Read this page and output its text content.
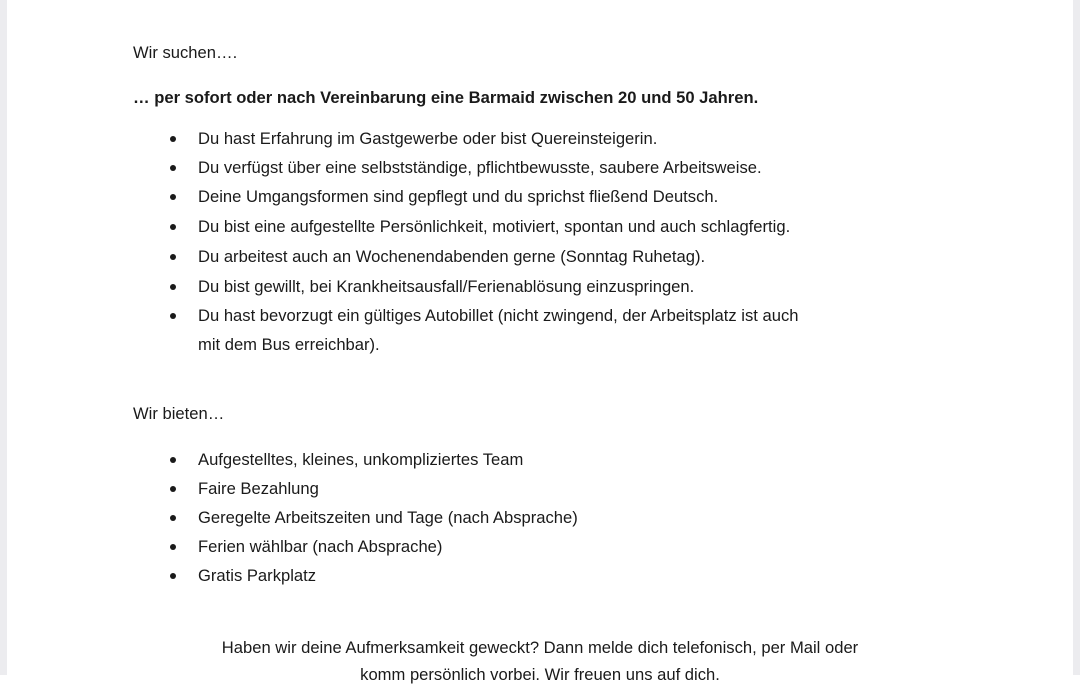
Wir suchen….
… per sofort oder nach Vereinbarung eine Barmaid zwischen 20 und 50 Jahren.
Du hast Erfahrung im Gastgewerbe oder bist Quereinsteigerin.
Du verfügst über eine selbstständige, pflichtbewusste, saubere Arbeitsweise.
Deine Umgangsformen sind gepflegt und du sprichst fließend Deutsch.
Du bist eine aufgestellte Persönlichkeit, motiviert, spontan und auch schlagfertig.
Du arbeitest auch an Wochenendabenden gerne (Sonntag Ruhetag).
Du bist gewillt, bei Krankheitsausfall/Ferienablösung einzuspringen.
Du hast bevorzugt ein gültiges Autobillet (nicht zwingend, der Arbeitsplatz ist auch
mit dem Bus erreichbar).
Wir bieten…
Aufgestelltes, kleines, unkompliziertes Team
Faire Bezahlung
Geregelte Arbeitszeiten und Tage (nach Absprache)
Ferien wählbar (nach Absprache)
Gratis Parkplatz
Haben wir deine Aufmerksamkeit geweckt? Dann melde dich telefonisch, per Mail oder
komm persönlich vorbei. Wir freuen uns auf dich.
